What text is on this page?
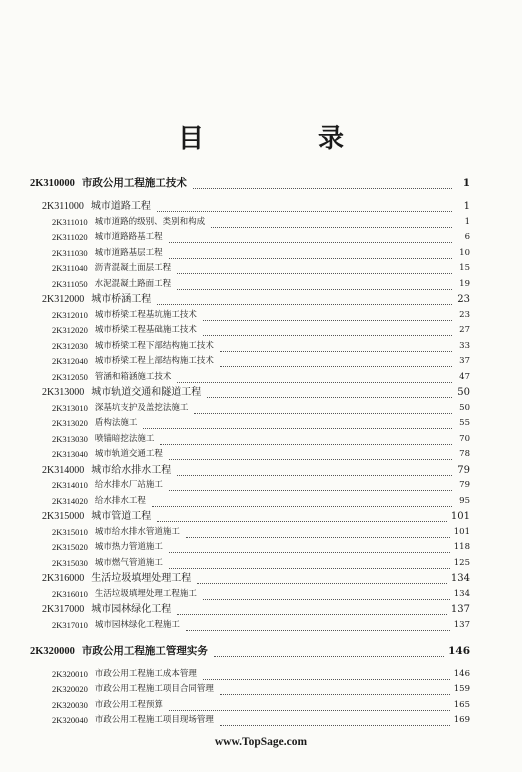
目　录
2K310000 市政公用工程施工技术	1
2K311000 城市道路工程	1
2K311010 城市道路的级别、类别和构成	1
2K311020 城市道路路基工程	6
2K311030 城市道路基层工程	10
2K311040 沥青混凝土面层工程	15
2K311050 水泥混凝土路面工程	19
2K312000 城市桥涵工程	23
2K312010 城市桥梁工程基坑施工技术	23
2K312020 城市桥梁工程基础施工技术	27
2K312030 城市桥梁工程下部结构施工技术	33
2K312040 城市桥梁工程上部结构施工技术	37
2K312050 管涵和箱涵施工技术	47
2K313000 城市轨道交通和隧道工程	50
2K313010 深基坑支护及盖挖法施工	50
2K313020 盾构法施工	55
2K313030 喷锚暗挖法施工	70
2K313040 城市轨道交通工程	78
2K314000 城市给水排水工程	79
2K314010 给水排水厂站施工	79
2K314020 给水排水工程	95
2K315000 城市管道工程	101
2K315010 城市给水排水管道施工	101
2K315020 城市热力管道施工	118
2K315030 城市燃气管道施工	125
2K316000 生活垃圾填埋处理工程	134
2K316010 生活垃圾填埋处理工程施工	134
2K317000 城市园林绿化工程	137
2K317010 城市园林绿化工程施工	137
2K320000 市政公用工程施工管理实务	146
2K320010 市政公用工程施工成本管理	146
2K320020 市政公用工程施工项目合同管理	159
2K320030 市政公用工程预算	165
2K320040 市政公用工程施工项目现场管理	169
www.TopSage.com
